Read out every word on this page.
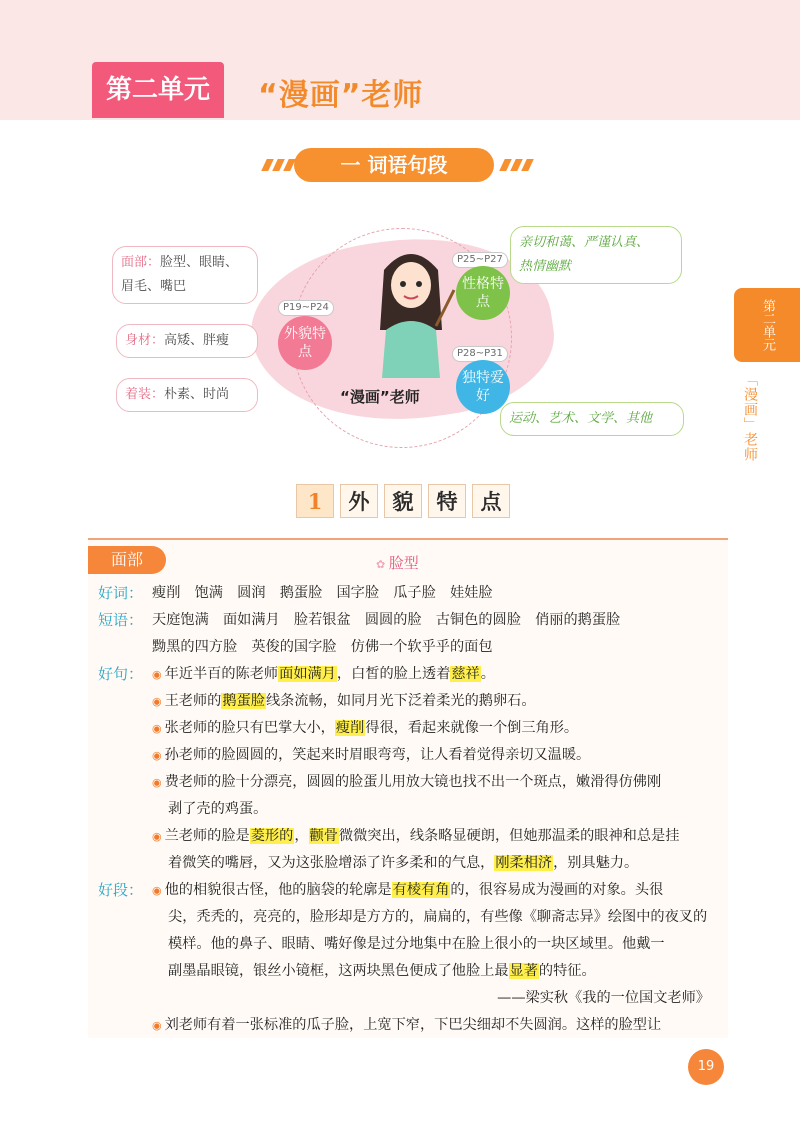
第二单元	“漫画”老师
一 词语句段
面部：脸型、眼睛、
眉毛、嘴巴
身材：高矮、胖瘦
着装：朴素、时尚
P19~P24
外貌特点
P25~P27
性格特点
P28~P31
独特爱好
亲切和蔼、严谨认真、
热情幽默
运动、艺术、文学、其他
“漫画”老师
第二单元
「漫画」老师
1	外	貌	特	点
面部
✿	脸型
好词： 瘦削　饱满　圆润　鹅蛋脸　国字脸　瓜子脸　娃娃脸
短语： 天庭饱满　面如满月　脸若银盆　圆圆的脸　古铜色的圆脸　俏丽的鹅蛋脸
黝黑的四方脸　英俊的国字脸　仿佛一个软乎乎的面包
好句： ◉ 年近半百的陈老师面如满月，白皙的脸上透着慈祥。
◉ 王老师的鹅蛋脸线条流畅，如同月光下泛着柔光的鹅卵石。
◉ 张老师的脸只有巴掌大小，瘦削得很，看起来就像一个倒三角形。
◉ 孙老师的脸圆圆的，笑起来时眉眼弯弯，让人看着觉得亲切又温暖。
◉ 费老师的脸十分漂亮，圆圆的脸蛋儿用放大镜也找不出一个斑点，嫩滑得仿佛刚
剥了壳的鸡蛋。
◉ 兰老师的脸是菱形的，颧骨微微突出，线条略显硬朗，但她那温柔的眼神和总是挂
着微笑的嘴唇，又为这张脸增添了许多柔和的气息，刚柔相济，别具魅力。
好段： ◉ 他的相貌很古怪，他的脑袋的轮廓是有棱有角的，很容易成为漫画的对象。头很
尖，秃秃的，亮亮的，脸形却是方方的，扁扁的，有些像《聊斋志异》绘图中的夜叉的
模样。他的鼻子、眼睛、嘴好像是过分地集中在脸上很小的一块区域里。他戴一
副墨晶眼镜，银丝小镜框，这两块黑色便成了他脸上最显著的特征。
——梁实秋《我的一位国文老师》
◉ 刘老师有着一张标准的瓜子脸，上宽下窄，下巴尖细却不失圆润。这样的脸型让
19
